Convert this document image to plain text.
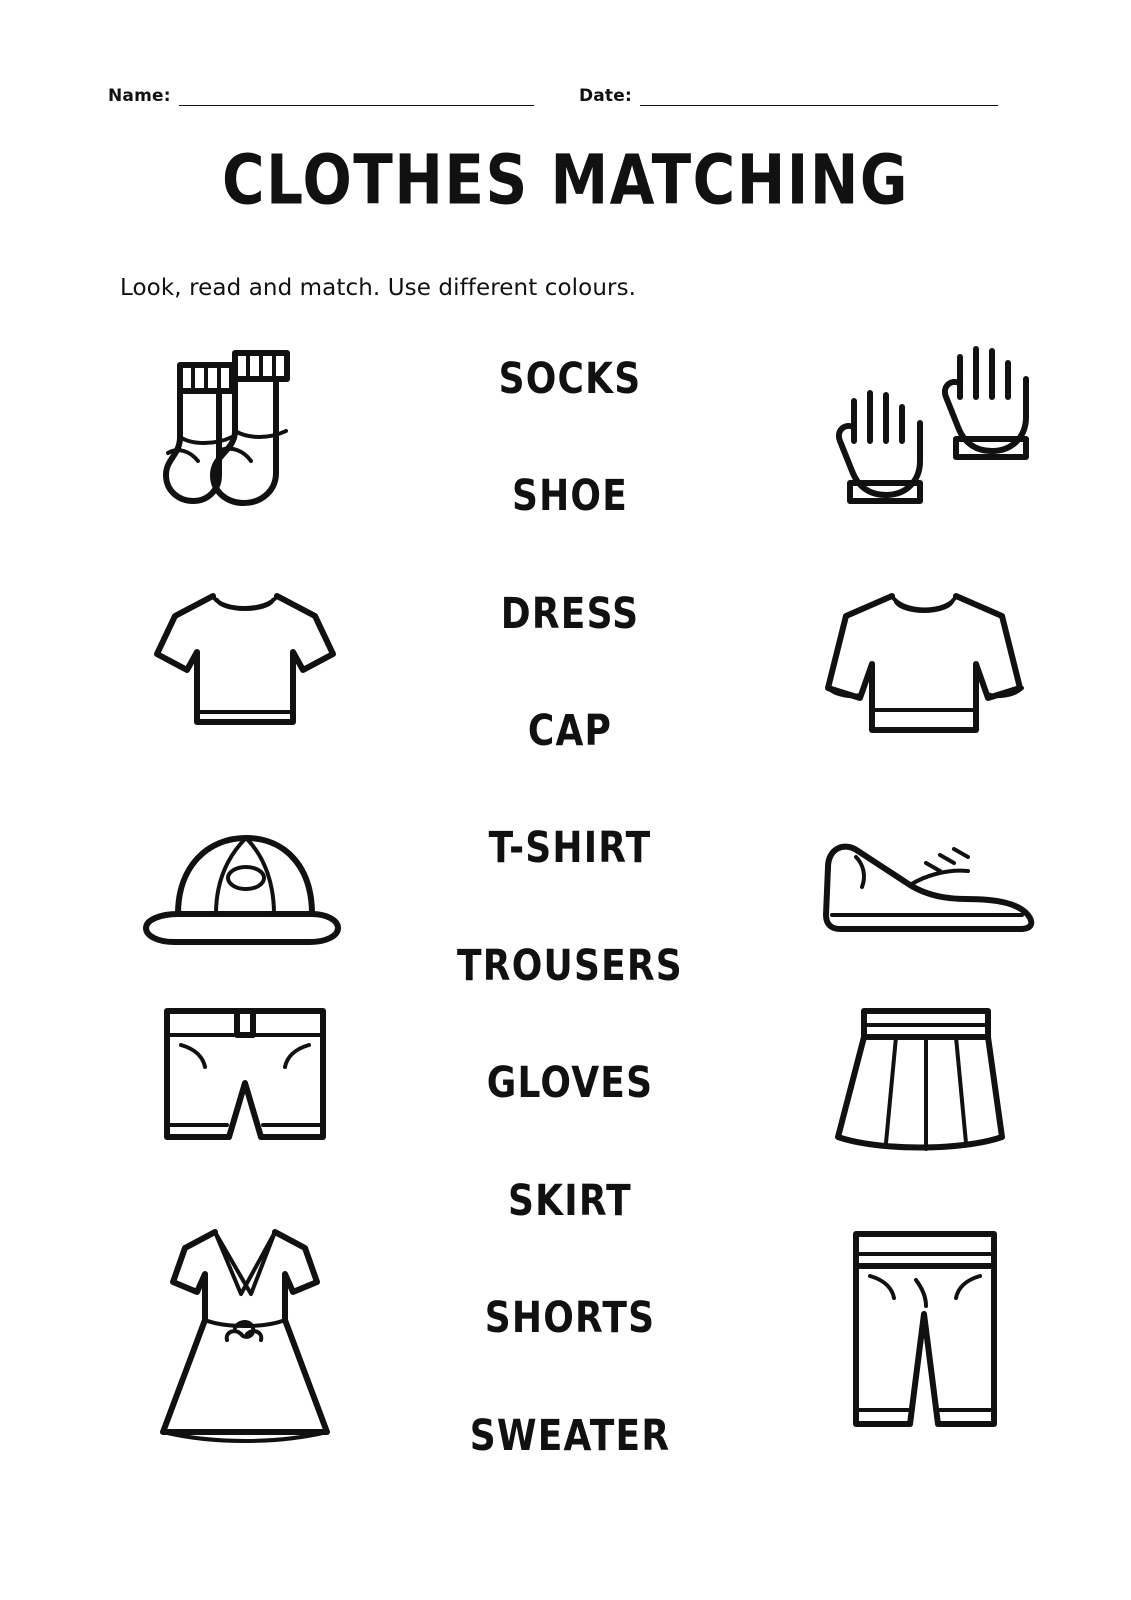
Name:	Date:
CLOTHES MATCHING
Look, read and match. Use different colours.
SOCKS
SHOE
DRESS
CAP
T-SHIRT
TROUSERS
GLOVES
SKIRT
SHORTS
SWEATER
